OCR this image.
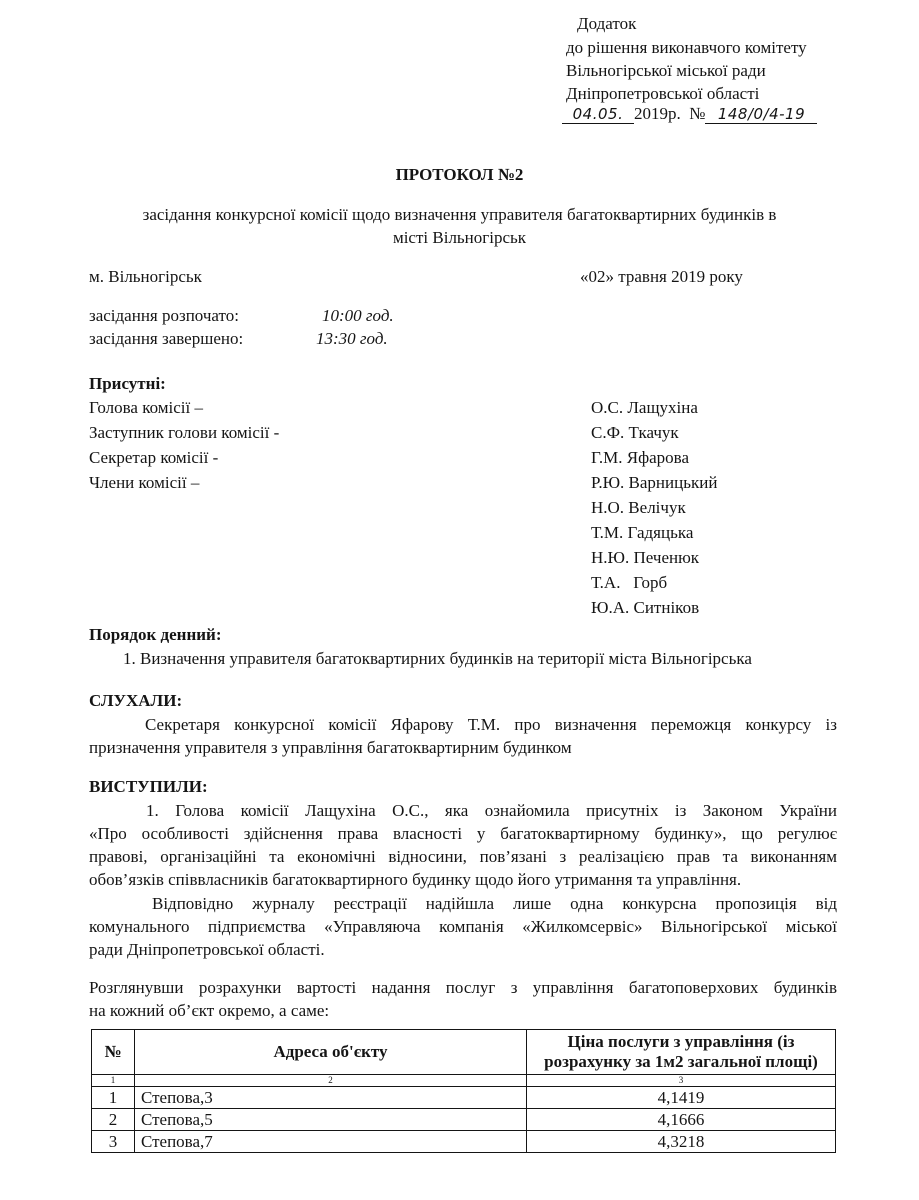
Додаток
до рішення виконавчого комітету
Вільногірської міської ради
Дніпропетровської області
04.05. 2019р. № 148/0/4-19
ПРОТОКОЛ №2
засідання конкурсної комісії щодо визначення управителя багатоквартирних будинків в
місті Вільногірськ
м. Вільногірськ	«02» травня 2019 року
засідання розпочато:	10:00 год.
засідання завершено:	13:30 год.
Присутні:
Голова комісії –	О.С. Лащухіна
Заступник голови комісії -	С.Ф. Ткачук
Секретар комісії -	Г.М. Яфарова
Члени комісії –	Р.Ю. Варницький
Н.О. Велічук
Т.М. Гадяцька
Н.Ю. Печенюк
Т.А.   Горб
Ю.А. Ситніков
Порядок денний:
1. Визначення управителя багатоквартирних будинків на території міста Вільногірська
СЛУХАЛИ:
Секретаря конкурсної комісії Яфарову Т.М. про визначення переможця конкурсу із
призначення управителя з управління багатоквартирним будинком
ВИСТУПИЛИ:
1. Голова комісії Лащухіна О.С., яка ознайомила присутніх із Законом України
«Про особливості здійснення права власності у багатоквартирному будинку», що регулює
правові, організаційні та економічні відносини, пов’язані з реалізацією прав та виконанням
обов’язків співвласників багатоквартирного будинку щодо його утримання та управління.
Відповідно журналу реєстрації надійшла лише одна конкурсна пропозиція від
комунального підприємства «Управляюча компанія «Жилкомсервіс» Вільногірської міської
ради Дніпропетровської області.
Розглянувши розрахунки вартості надання послуг з управління багатоповерхових будинків
на кожний об’єкт окремо, а саме:
№	Адреса об'єкту	Ціна послуги з управління (із
розрахунку за 1м2 загальної площі)
1	2	3
1	Степова,3	4,1419
2	Степова,5	4,1666
3	Степова,7	4,3218
